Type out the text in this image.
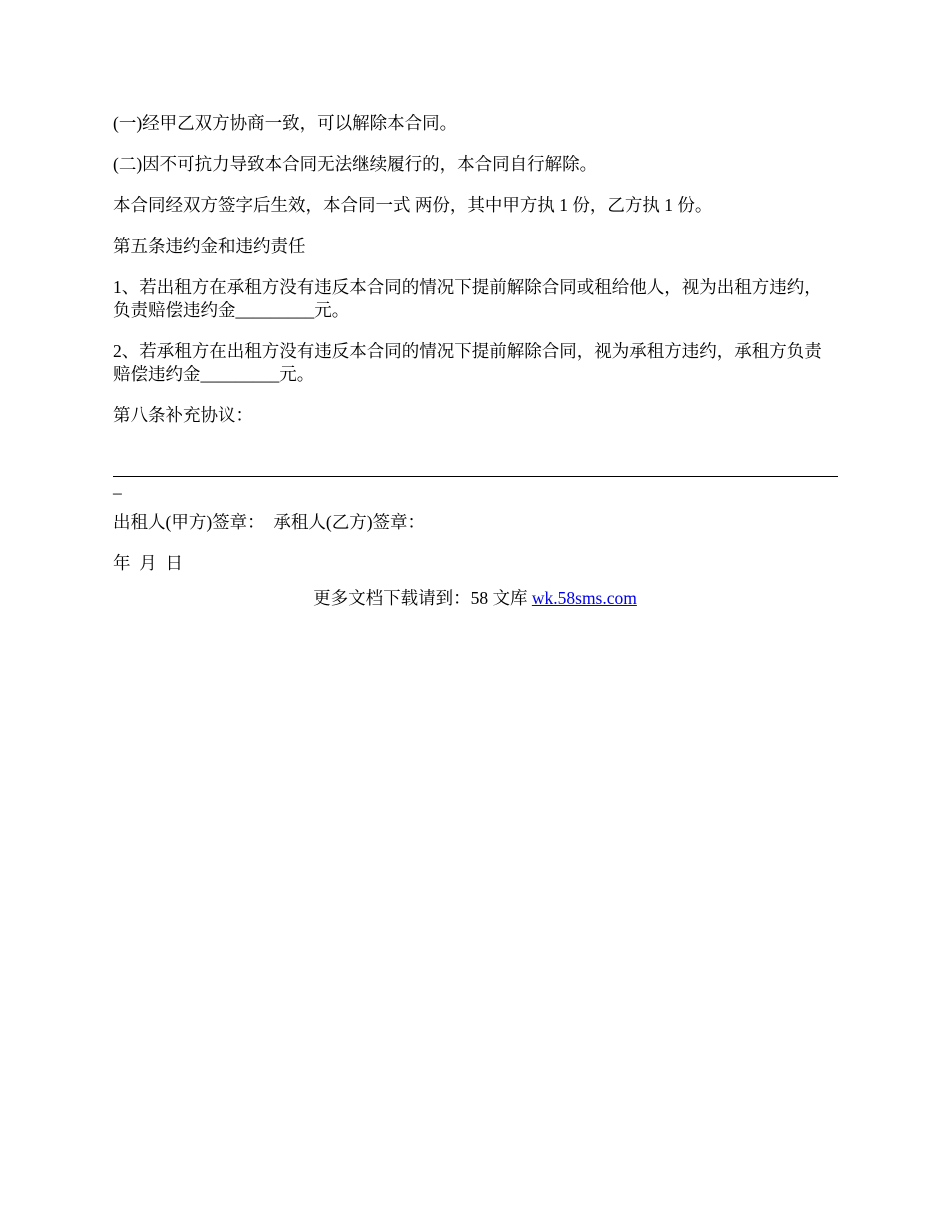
(一)经甲乙双方协商一致，可以解除本合同。

(二)因不可抗力导致本合同无法继续履行的，本合同自行解除。

本合同经双方签字后生效，本合同一式 两份，其中甲方执 1 份，乙方执 1 份。

第五条违约金和违约责任

1、若出租方在承租方没有违反本合同的情况下提前解除合同或租给他人，视为出租方违约，负责赔偿违约金_________元。

2、若承租方在出租方没有违反本合同的情况下提前解除合同，视为承租方违约，承租方负责赔偿违约金_________元。

第八条补充协议：

_

出租人(甲方)签章：  承租人(乙方)签章：

年  月  日

更多文档下载请到：58 文库 wk.58sms.com
